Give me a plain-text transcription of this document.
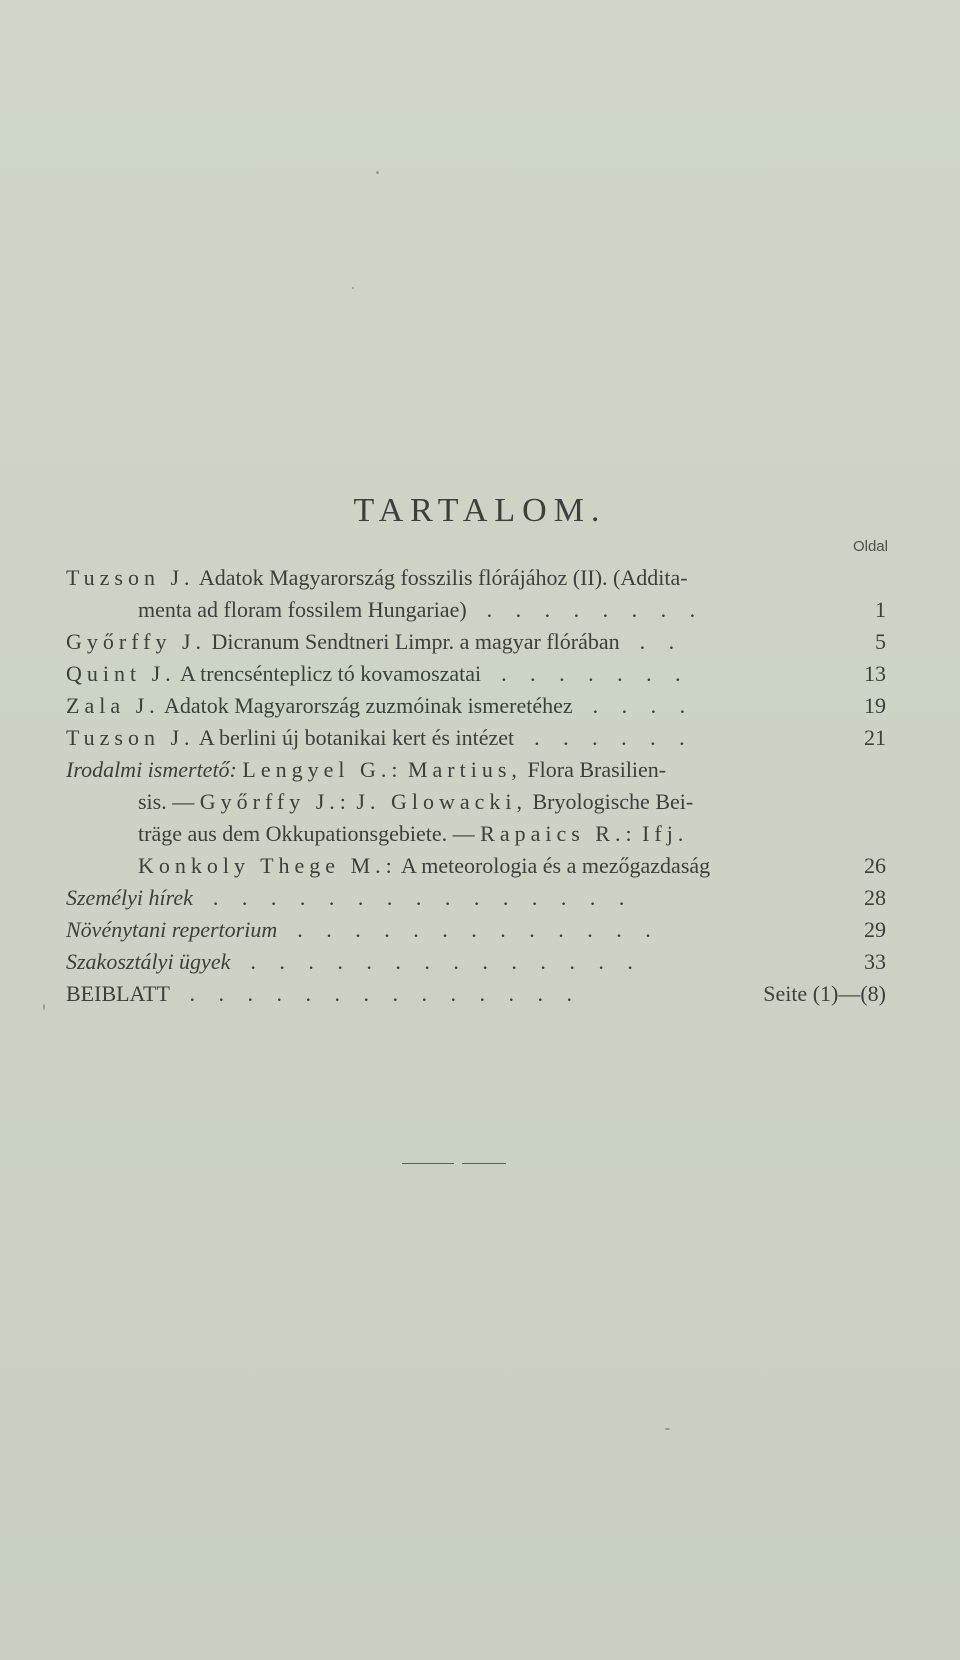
TARTALOM.
Oldal
Tuzson J. Adatok Magyarország fosszilis flórájához (II). (Addita-
menta ad floram fossilem Hungariae)  . . . . . . . .	1
Győrffy J. Dicranum Sendtneri Limpr. a magyar flórában  . .	5
Quint J. A trencsénteplicz tó kovamoszatai  . . . . . . .	13
Zala J. Adatok Magyarország zuzmóinak ismeretéhez  . . . .	19
Tuzson J. A berlini új botanikai kert és intézet  . . . . . .	21
Irodalmi ismertető: Lengyel G.: Martius, Flora Brasilien-
sis. — Győrffy J.: J. Glowacki, Bryologische Bei-
träge aus dem Okkupationsgebiete. — Rapaics R.: Ifj.
Konkoly Thege M.: A meteorologia és a mezőgazdaság	26
Személyi hírek  . . . . . . . . . . . . . . .	28
Növénytani repertorium  . . . . . . . . . . . . .	29
Szakosztályi ügyek  . . . . . . . . . . . . . .	33
BEIBLATT  . . . . . . . . . . . . . .	Seite (1)—(8)
